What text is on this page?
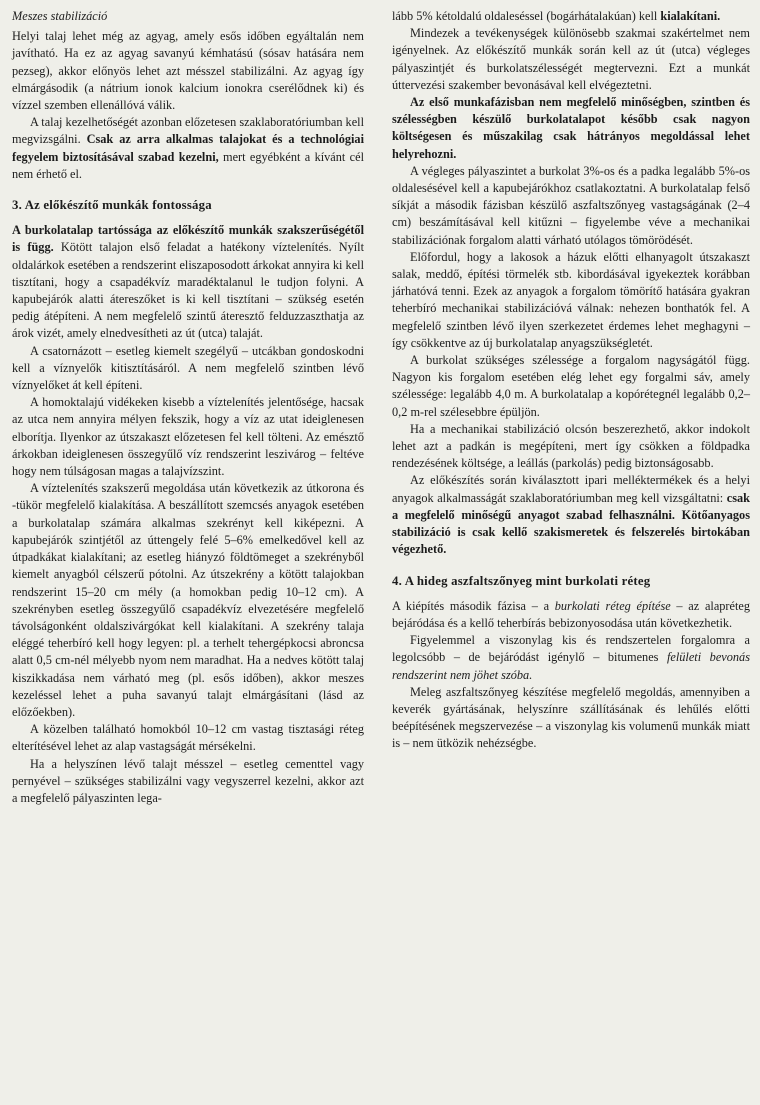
Meszes stabilizáció

Helyi talaj lehet még az agyag, amely esős időben egyáltalán nem javítható. Ha ez az agyag savanyú kémhatású (sósav hatására nem pezseg), akkor előnyös lehet azt mésszel stabilizálni. Az agyag így elmárgásodik (a nátrium ionok kalcium ionokra cserélődnek ki) és vízzel szemben ellenállóvá válik.

A talaj kezelhetőségét azonban előzetesen szaklaboratóriumban kell megvizsgálni. Csak az arra alkalmas talajokat és a technológiai fegyelem biztosításával szabad kezelni, mert egyébként a kívánt cél nem érhető el.

3. Az előkészítő munkák fontossága

A burkolatalap tartóssága az előkészítő munkák szakszerűségétől is függ. Kötött talajon első feladat a hatékony víztelenítés. Nyílt oldalárkok esetében a rendszerint eliszaposodott árkokat annyira ki kell tisztítani, hogy a csapadékvíz maradéktalanul le tudjon folyni. A kapubejárók alatti átereszőket is ki kell tisztítani – szükség esetén pedig átépíteni. A nem megfelelő szintű áteresztő felduzzaszthatja az árok vizét, amely elnedvesítheti az út (utca) talaját.

A csatornázott – esetleg kiemelt szegélyű – utcákban gondoskodni kell a víznyelők kitisztításáról. A nem megfelelő szintben lévő víznyelőket át kell építeni.

A homoktalajú vidékeken kisebb a víztelenítés jelentősége, hacsak az utca nem annyira mélyen fekszik, hogy a víz az utat ideiglenesen elborítja. Ilyenkor az útszakaszt előzetesen fel kell tölteni. Az emésztő árkokban ideiglenesen összegyűlő víz rendszerint leszivárog – feltéve hogy nem túlságosan magas a talajvízszint.

A víztelenítés szakszerű megoldása után következik az útkorona és -tükör megfelelő kialakítása. A beszállított szemcsés anyagok esetében a burkolatalap számára alkalmas szekrényt kell kiképezni. A kapubejárók szintjétől az úttengely felé 5–6% emelkedővel kell az útpadkákat kialakítani; az esetleg hiányzó földtömeget a szekrényből kiemelt anyagból célszerű pótolni. Az útszekrény a kötött talajokban rendszerint 15–20 cm mély (a homokban pedig 10–12 cm). A szekrényben esetleg összegyűlő csapadékvíz elvezetésére megfelelő távolságonként oldalszivárgókat kell kialakítani. A szekrény talaja eléggé teherbíró kell hogy legyen: pl. a terhelt tehergépkocsi abroncsa alatt 0,5 cm-nél mélyebb nyom nem maradhat. Ha a nedves kötött talaj kiszikkadása nem várható meg (pl. esős időben), akkor meszes kezeléssel lehet a puha savanyú talajt elmárgásítani (lásd az előzőekben).

A közelben található homokból 10–12 cm vastag tisztasági réteg elterítésével lehet az alap vastagságát mérsékelni.

Ha a helyszínen lévő talajt mésszel – esetleg cementtel vagy pernyével – szükséges stabilizálni vagy vegyszerrel kezelni, akkor azt a megfelelő pályaszinten lega-

lább 5% kétoldalú oldaleséssel (bogárhátalakúan) kell kialakítani.

Mindezek a tevékenységek különösebb szakmai szakértelmet nem igényelnek. Az előkészítő munkák során kell az út (utca) végleges pályaszintjét és burkolatszélességét megtervezni. Ezt a munkát úttervezési szakember bevonásával kell elvégeztetni.

Az első munkafázisban nem megfelelő minőségben, szintben és szélességben készülő burkolatalapot később csak nagyon költségesen és műszakilag csak hátrányos megoldással lehet helyrehozni.

A végleges pályaszintet a burkolat 3%-os és a padka legalább 5%-os oldalesésével kell a kapubejárókhoz csatlakoztatni. A burkolatalap felső síkját a második fázisban készülő aszfaltszőnyeg vastagságának (2–4 cm) beszámításával kell kitűzni – figyelembe véve a mechanikai stabilizációnak forgalom alatti várható utólagos tömörödését.

Előfordul, hogy a lakosok a házuk előtti elhanyagolt útszakaszt salak, meddő, építési törmelék stb. kibordásával igyekeztek korábban járhatóvá tenni. Ezek az anyagok a forgalom tömörítő hatására gyakran teherbíró mechanikai stabilizációvá válnak: nehezen bonthatók fel. A megfelelő szintben lévő ilyen szerkezetet érdemes lehet meghagyni – így csökkentve az új burkolatalap anyagszükségletét.

A burkolat szükséges szélessége a forgalom nagyságától függ. Nagyon kis forgalom esetében elég lehet egy forgalmi sáv, amely szélessége: legalább 4,0 m. A burkolatalap a kopórétegnél legalább 0,2–0,2 m-rel szélesebbre épüljön.

Ha a mechanikai stabilizáció olcsón beszerezhető, akkor indokolt lehet azt a padkán is megépíteni, mert így csökken a földpadka rendezésének költsége, a leállás (parkolás) pedig biztonságosabb.

Az előkészítés során kiválasztott ipari melléktermékek és a helyi anyagok alkalmasságát szaklaboratóriumban meg kell vizsgáltatni: csak a megfelelő minőségű anyagot szabad felhasználni. Kötőanyagos stabilizáció is csak kellő szakismeretek és felszerelés birtokában végezhető.

4. A hideg aszfaltszőnyeg mint burkolati réteg

A kiépítés második fázisa – a burkolati réteg építése – az alapréteg bejáródása és a kellő teherbírás bebizonyosodása után következhetik.

Figyelemmel a viszonylag kis és rendszertelen forgalomra a legolcsóbb – de bejáródást igénylő – bitumenes felületi bevonás rendszerint nem jöhet szóba.

Meleg aszfaltszőnyeg készítése megfelelő megoldás, amennyiben a keverék gyártásának, helyszínre szállításának és lehűlés előtti beépítésének megszervezése – a viszonylag kis volumenű munkák miatt is – nem ütközik nehézségbe.
